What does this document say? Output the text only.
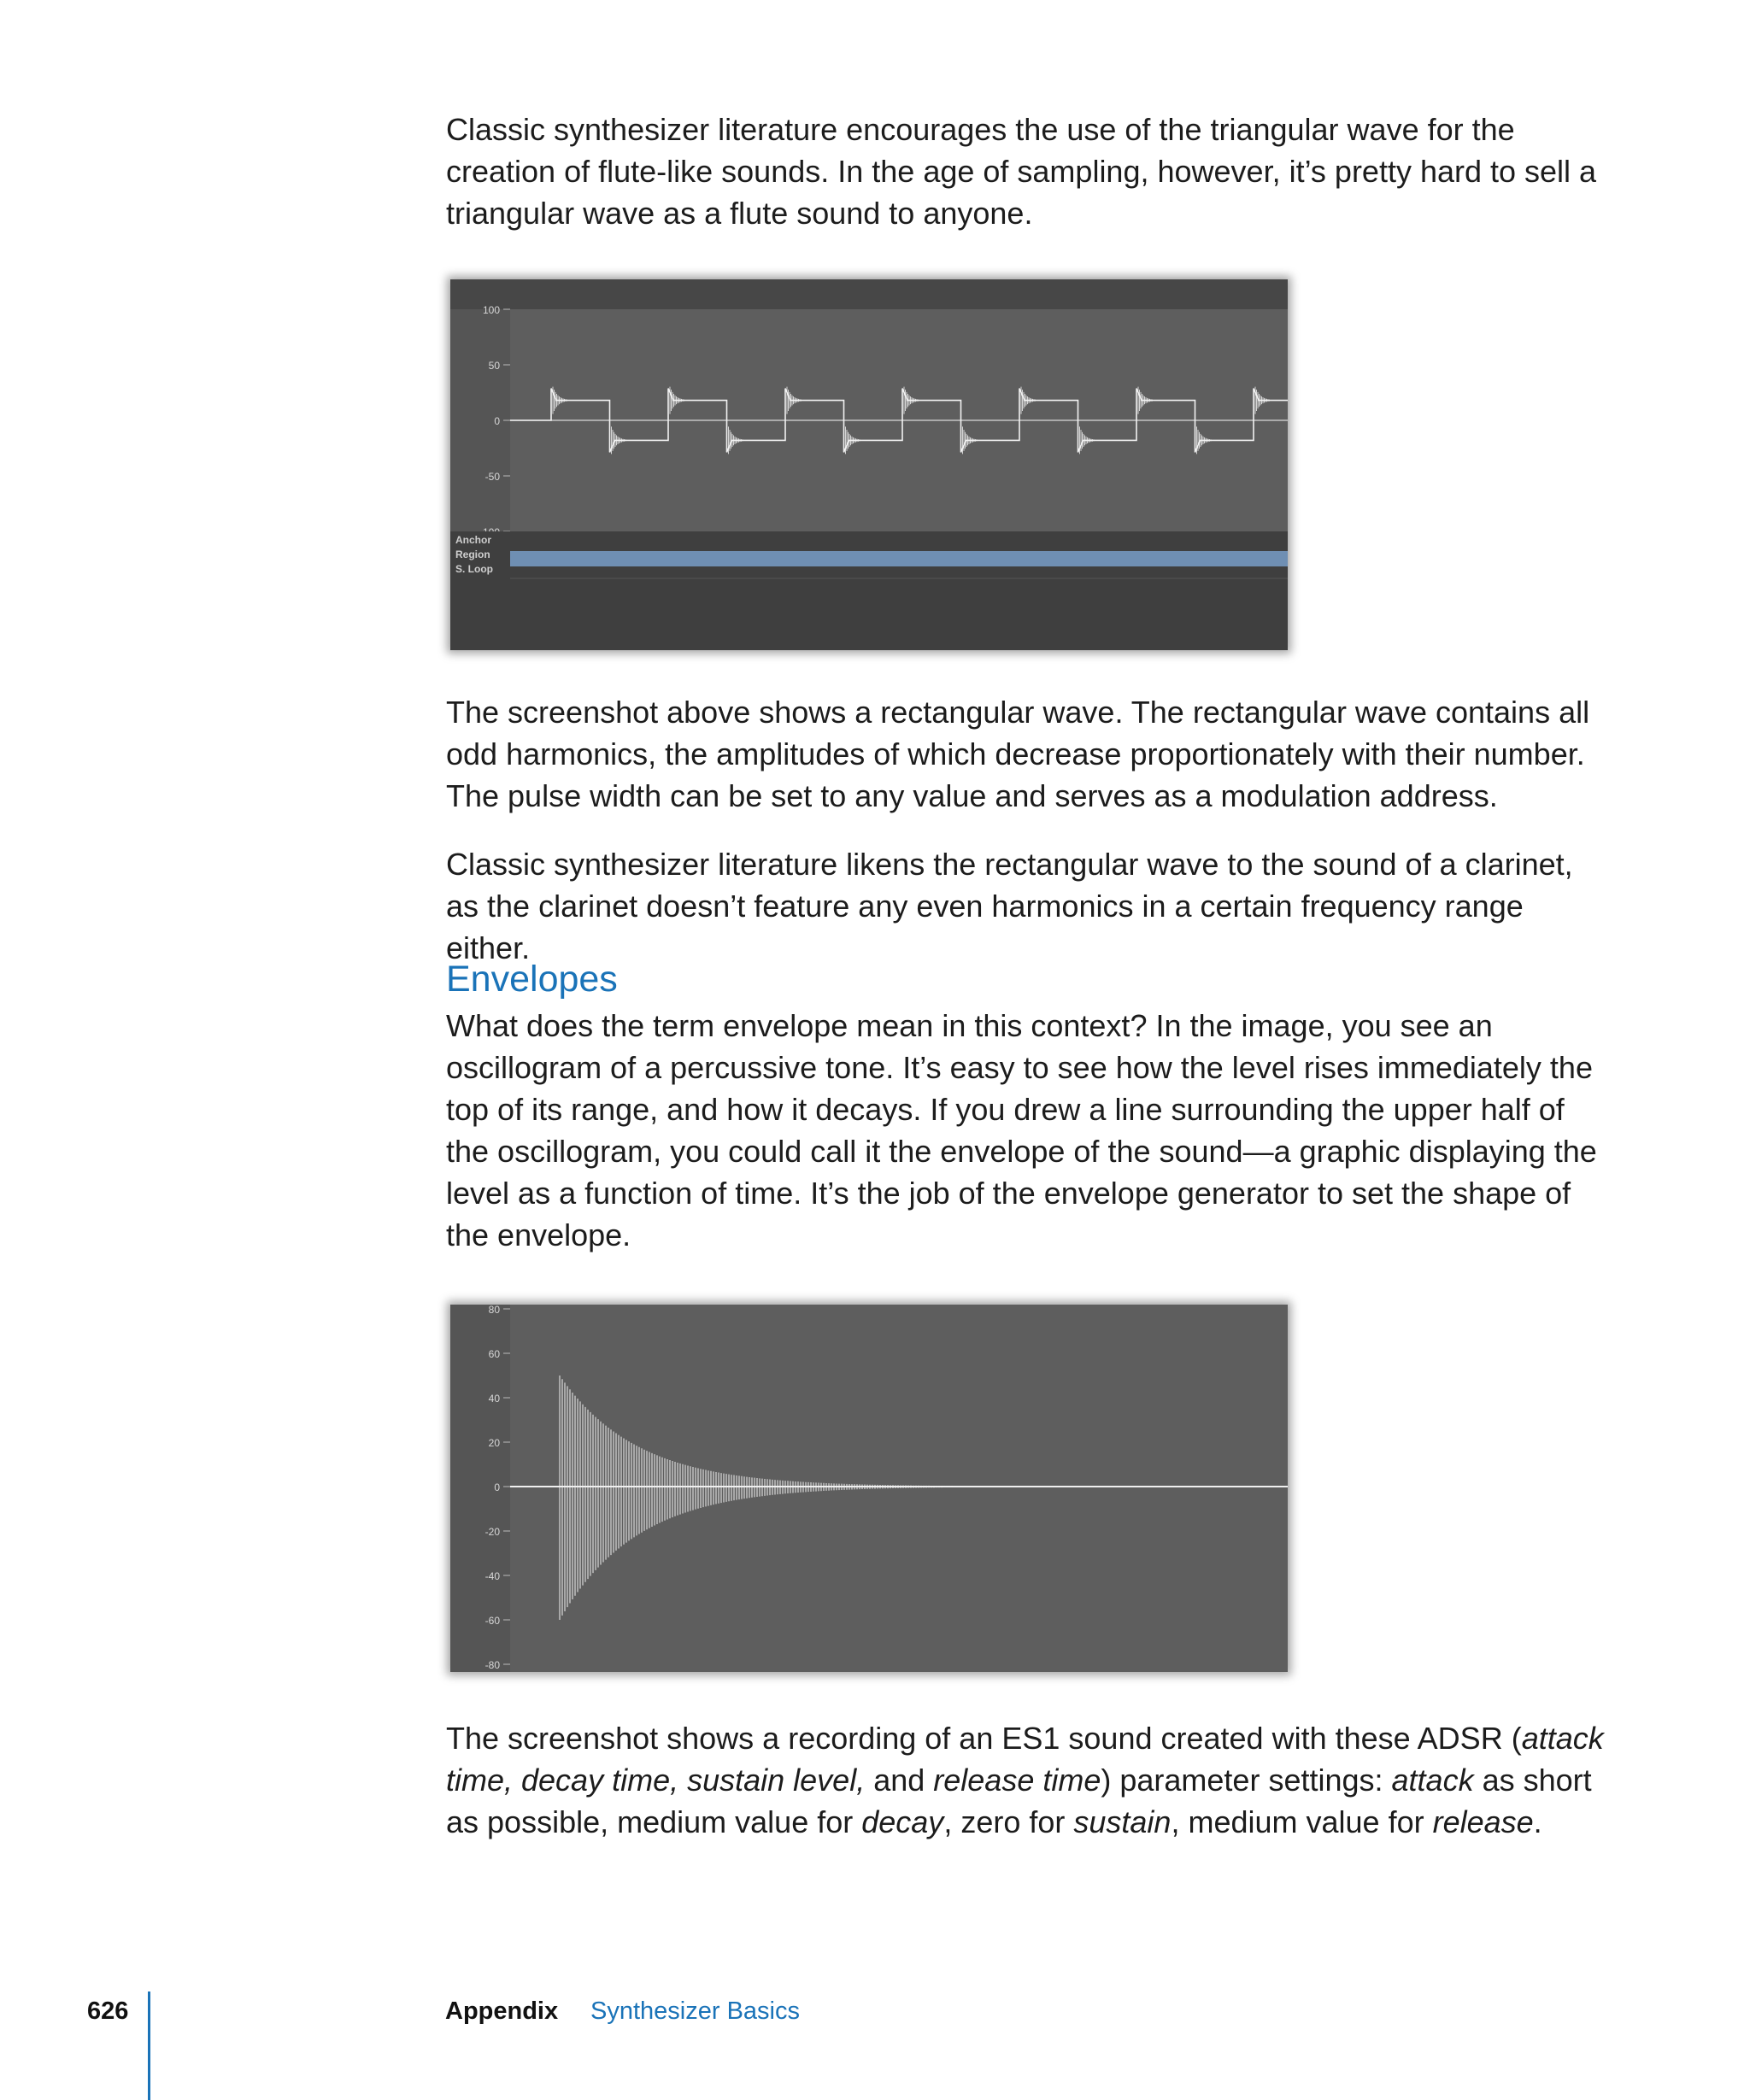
Classic synthesizer literature encourages the use of the triangular wave for the creation of flute-like sounds. In the age of sampling, however, it’s pretty hard to sell a triangular wave as a flute sound to anyone.

100
50
0
-50
Anchor
Region
S. Loop

The screenshot above shows a rectangular wave. The rectangular wave contains all odd harmonics, the amplitudes of which decrease proportionately with their number. The pulse width can be set to any value and serves as a modulation address.

Classic synthesizer literature likens the rectangular wave to the sound of a clarinet, as the clarinet doesn’t feature any even harmonics in a certain frequency range either.

Envelopes

What does the term envelope mean in this context? In the image, you see an oscillogram of a percussive tone. It’s easy to see how the level rises immediately the top of its range, and how it decays. If you drew a line surrounding the upper half of the oscillogram, you could call it the envelope of the sound—a graphic displaying the level as a function of time. It’s the job of the envelope generator to set the shape of the envelope.

80
60
40
20
0
-20
-40
-60
-80

The screenshot shows a recording of an ES1 sound created with these ADSR (attack time, decay time, sustain level, and release time) parameter settings: attack as short as possible, medium value for decay, zero for sustain, medium value for release.

626	Appendix Synthesizer Basics
